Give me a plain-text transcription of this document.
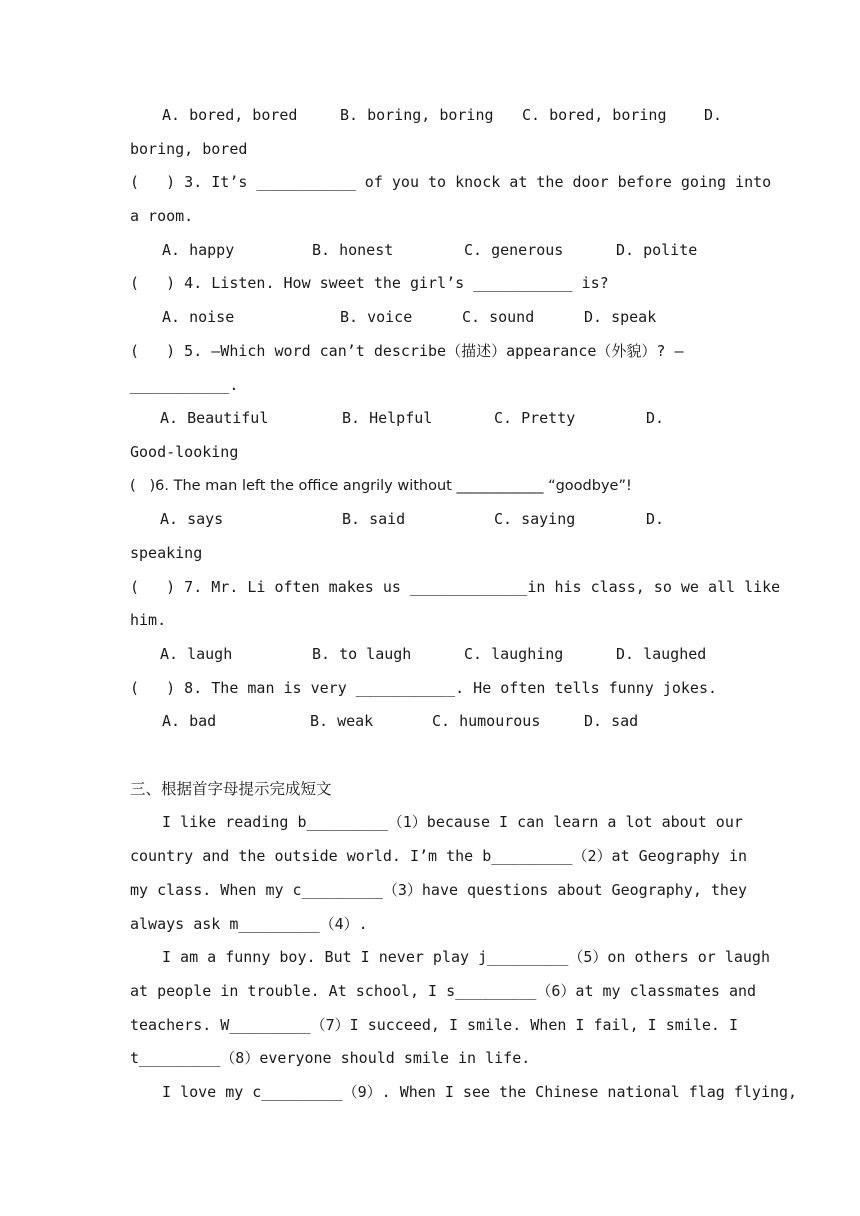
A. bored, bored	B. boring, boring	C. bored, boring	D.
boring, bored
(   ) 3. It’s ___________ of you to knock at the door before going into
a room.
A. happy	B. honest	C. generous	D. polite
(   ) 4. Listen. How sweet the girl’s ___________ is?
A. noise	B. voice	C. sound	D. speak
(   ) 5. —Which word can’t describe（描述）appearance（外貌）? —
___________.
A. Beautiful	B. Helpful	C. Pretty	D.
Good-looking
(   )6. The man left the office angrily without ____________ “goodbye”!
A. says	B. said	C. saying	D.
speaking
(   ) 7. Mr. Li often makes us _____________in his class, so we all like
him.
A. laugh	B. to laugh	C. laughing	D. laughed
(   ) 8. The man is very ___________. He often tells funny jokes.
A. bad	B. weak	C. humourous	D. sad
三、根据首字母提示完成短文
I like reading b_________（1）because I can learn a lot about our
country and the outside world. I’m the b_________（2）at Geography in
my class. When my c_________（3）have questions about Geography, they
always ask m_________（4）.
I am a funny boy. But I never play j_________（5）on others or laugh
at people in trouble. At school, I s_________（6）at my classmates and
teachers. W_________（7）I succeed, I smile. When I fail, I smile. I
t_________（8）everyone should smile in life.
I love my c_________（9）. When I see the Chinese national flag flying,
